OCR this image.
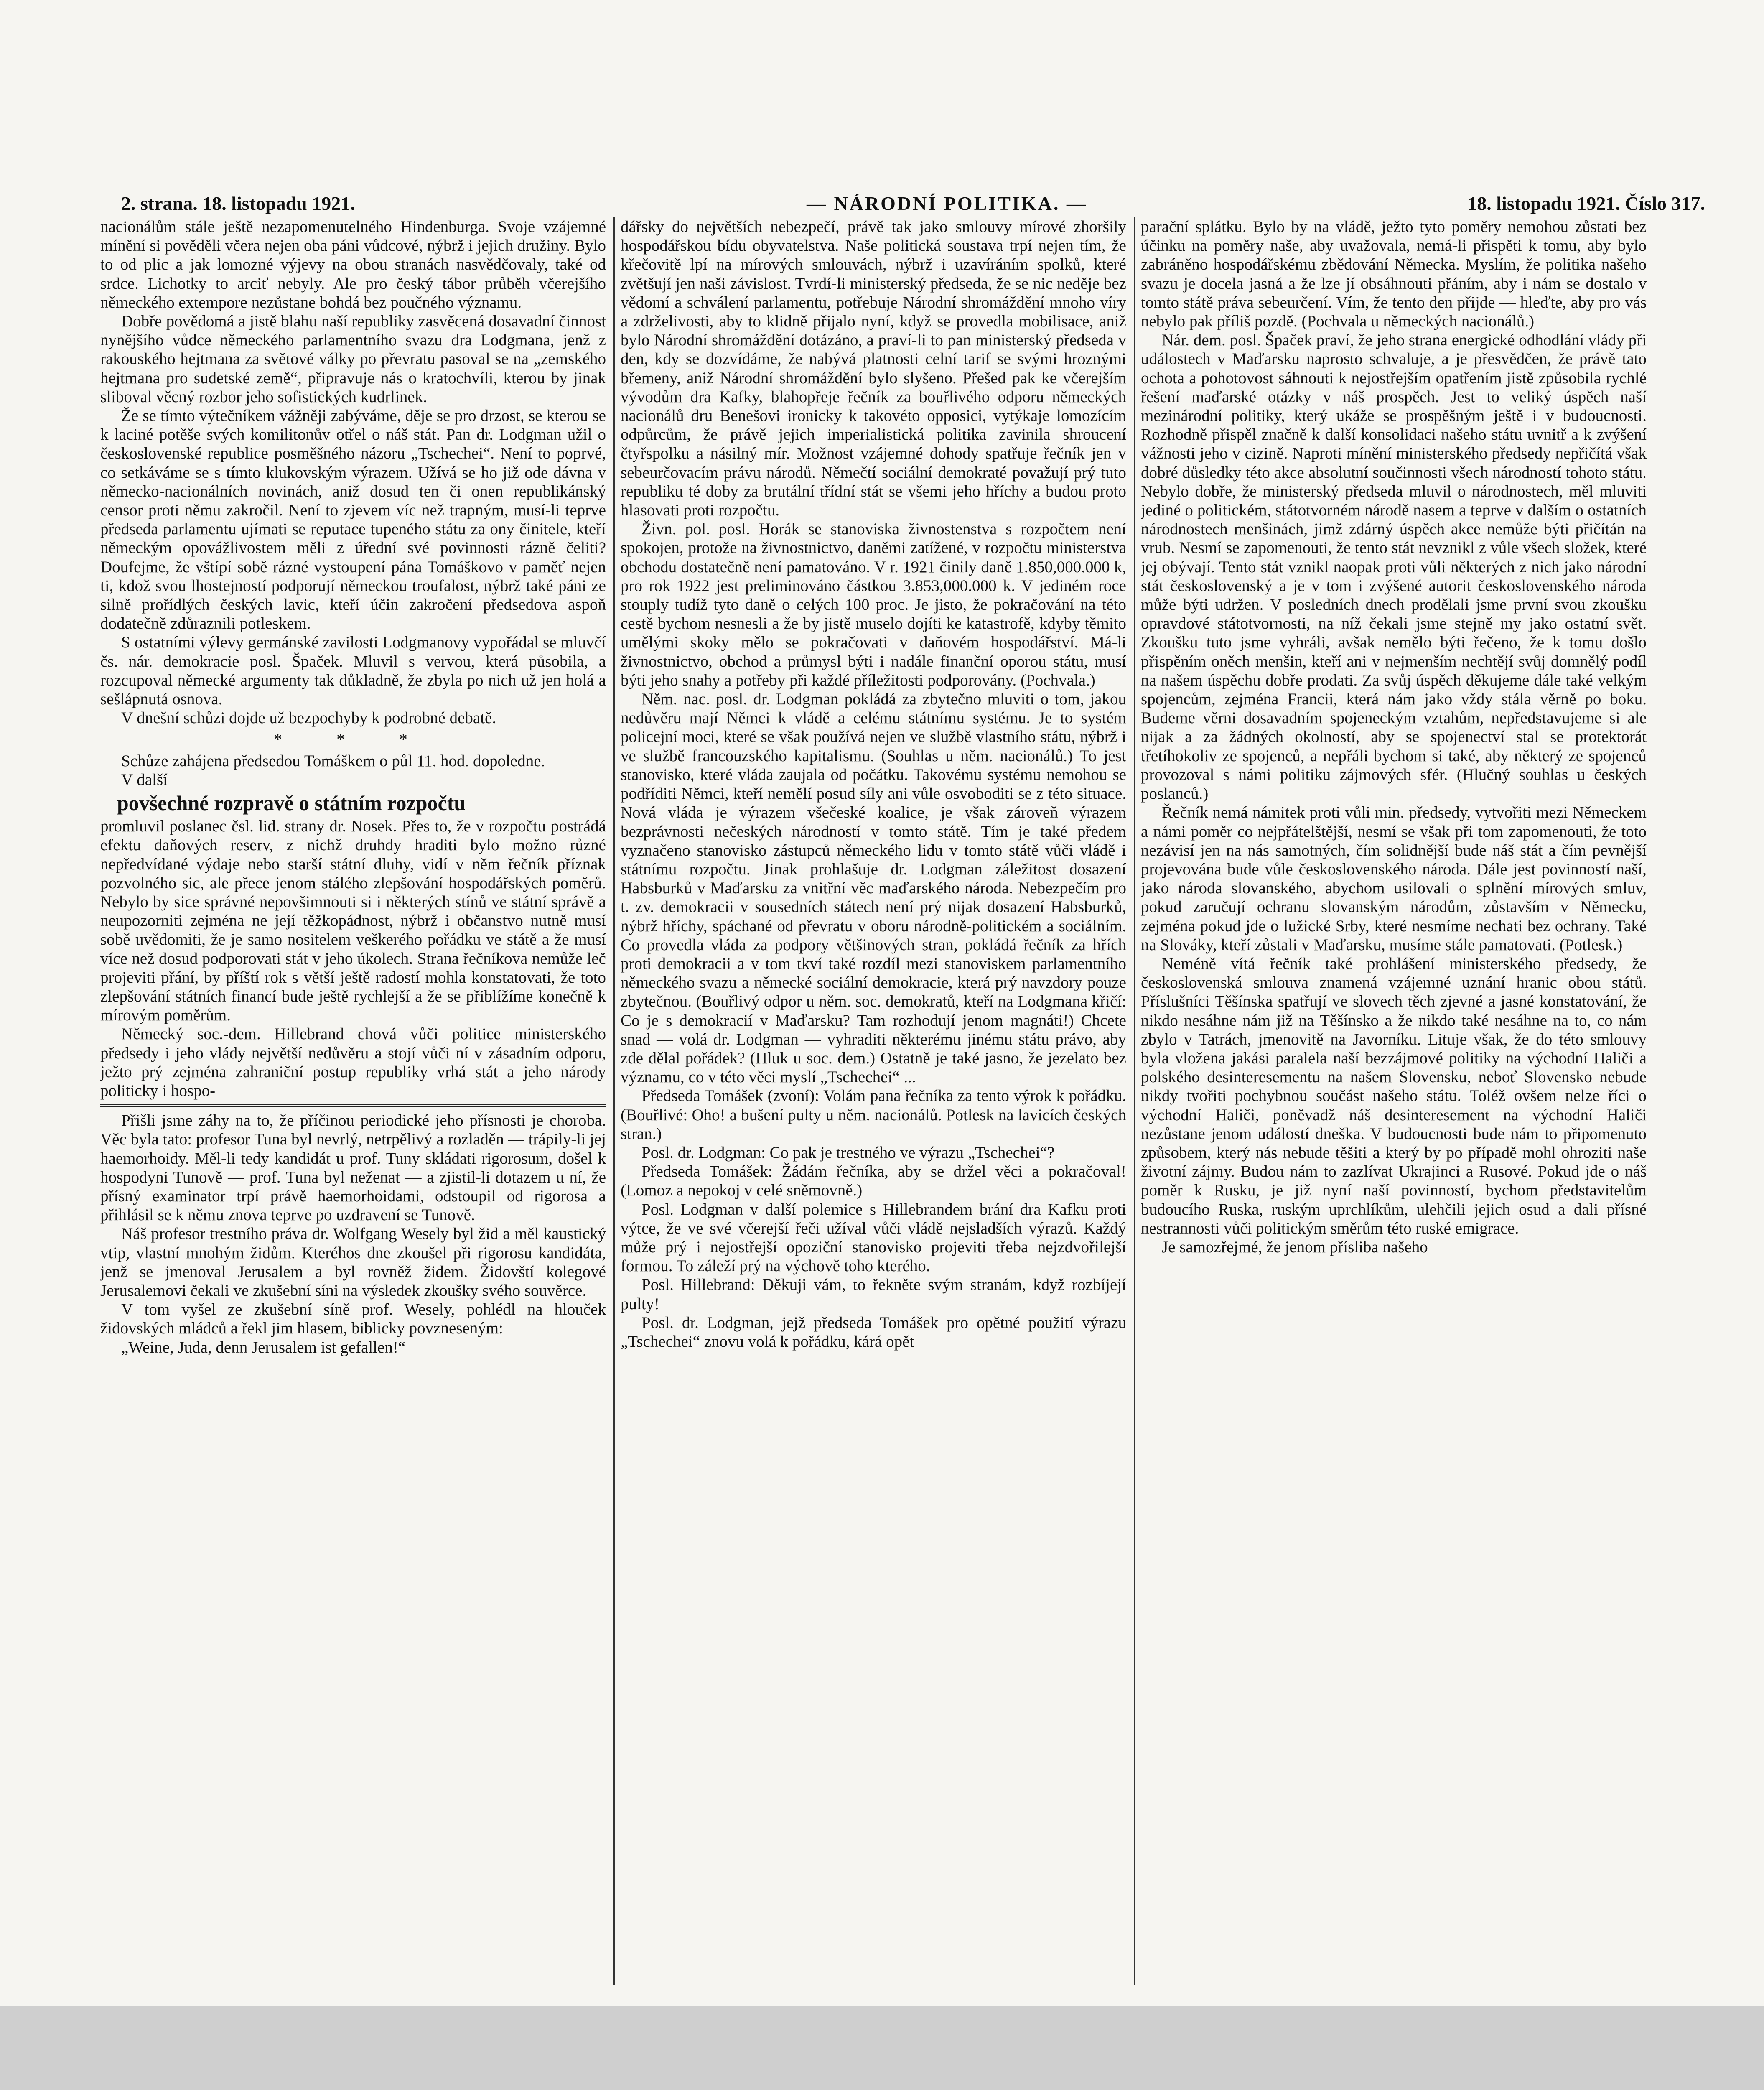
2. strana. 18. listopadu 1921.	— NÁRODNÍ POLITIKA. —	18. listopadu 1921. Číslo 317.

nacionálům stále ještě nezapomenutelného Hindenburga. Svoje vzájemné mínění si pověděli včera nejen oba páni vůdcové, nýbrž i jejich družiny. Bylo to od plic a jak lomozné výjevy na obou stranách nasvědčovaly, také od srdce. Lichotky to arciť nebyly. Ale pro český tábor průběh včerejšího německého extempore nezůstane bohdá bez poučného významu.

Dobře povědomá a jistě blahu naší republiky zasvěcená dosavadní činnost nynějšího vůdce německého parlamentního svazu dra Lodgmana, jenž z rakouského hejtmana za světové války po převratu pasoval se na „zemského hejtmana pro sudetské země“, připravuje nás o kratochvíli, kterou by jinak sliboval věcný rozbor jeho sofistických kudrlinek.

Že se tímto výtečníkem vážněji zabýváme, děje se pro drzost, se kterou se k laciné potěše svých komilitonův otřel o náš stát. Pan dr. Lodgman užil o československé republice posměšného názoru „Tschechei“. Není to poprvé, co setkáváme se s tímto klukovským výrazem. Užívá se ho již ode dávna v německo-nacionálních novinách, aniž dosud ten či onen republikánský censor proti němu zakročil. Není to zjevem víc než trapným, musí-li teprve předseda parlamentu ujímati se reputace tupeného státu za ony činitele, kteří německým opovážlivostem měli z úřední své povinnosti rázně čeliti? Doufejme, že vštípí sobě rázné vystoupení pána Tomáškovo v paměť nejen ti, kdož svou lhostejností podporují německou troufalost, nýbrž také páni ze silně prořídlých českých lavic, kteří účin zakročení předsedova aspoň dodatečně zdůraznili potleskem.

S ostatními výlevy germánské zavilosti Lodgmanovy vypořádal se mluvčí čs. nár. demokracie posl. Špaček. Mluvil s vervou, která působila, a rozcupoval německé argumenty tak důkladně, že zbyla po nich už jen holá a sešlápnutá osnova.

V dnešní schůzi dojde už bezpochyby k podrobné debatě.

* * *

Schůze zahájena předsedou Tomáškem o půl 11. hod. dopoledne.

V další

povšechné rozpravě o státním rozpočtu

promluvil poslanec čsl. lid. strany dr. Nosek. Přes to, že v rozpočtu postrádá efektu daňových reserv, z nichž druhdy hraditi bylo možno různé nepředvídané výdaje nebo starší státní dluhy, vidí v něm řečník příznak pozvolného sic, ale přece jenom stálého zlepšování hospodářských poměrů. Nebylo by sice správné nepovšimnouti si i některých stínů ve státní správě a neupozorniti zejména ne její těžkopádnost, nýbrž i občanstvo nutně musí sobě uvědomiti, že je samo nositelem veškerého pořádku ve státě a že musí více než dosud podporovati stát v jeho úkolech. Strana řečníkova nemůže leč projeviti přání, by příští rok s větší ještě radostí mohla konstatovati, že toto zlepšování státních financí bude ještě rychlejší a že se přiblížíme konečně k mírovým poměrům.

Německý soc.-dem. Hillebrand chová vůči politice ministerského předsedy i jeho vlády největší nedůvěru a stojí vůči ní v zásadním odporu, ježto prý zejména zahraniční postup republiky vrhá stát a jeho národy politicky i hospo-

Přišli jsme záhy na to, že příčinou periodické jeho přísnosti je choroba. Věc byla tato: profesor Tuna byl nevrlý, netrpělivý a rozladěn — trápily-li jej haemorhoidy. Měl-li tedy kandidát u prof. Tuny skládati rigorosum, došel k hospodyni Tunově — prof. Tuna byl neženat — a zjistil-li dotazem u ní, že přísný examinator trpí právě haemorhoidami, odstoupil od rigorosa a přihlásil se k němu znova teprve po uzdravení se Tunově.

Náš profesor trestního práva dr. Wolfgang Wesely byl žid a měl kaustický vtip, vlastní mnohým židům. Kteréhos dne zkoušel při rigorosu kandidáta, jenž se jmenoval Jerusalem a byl rovněž židem. Židovští kolegové Jerusalemovi čekali ve zkušební síni na výsledek zkoušky svého souvěrce.

V tom vyšel ze zkušební síně prof. Wesely, pohlédl na hlouček židovských mládců a řekl jim hlasem, biblicky povzneseným:

„Weine, Juda, denn Jerusalem ist gefallen!“

dářsky do největších nebezpečí, právě tak jako smlouvy mírové zhoršily hospodářskou bídu obyvatelstva. Naše politická soustava trpí nejen tím, že křečovitě lpí na mírových smlouvách, nýbrž i uzavíráním spolků, které zvětšují jen naši závislost. Tvrdí-li ministerský předseda, že se nic neděje bez vědomí a schválení parlamentu, potřebuje Národní shromáždění mnoho víry a zdrželivosti, aby to klidně přijalo nyní, když se provedla mobilisace, aniž bylo Národní shromáždění dotázáno, a praví-li to pan ministerský předseda v den, kdy se dozvídáme, že nabývá platnosti celní tarif se svými hroznými břemeny, aniž Národní shromáždění bylo slyšeno. Přešed pak ke včerejším vývodům dra Kafky, blahopřeje řečník za bouřlivého odporu německých nacionálů dru Benešovi ironicky k takovéto opposici, vytýkaje lomozícím odpůrcům, že právě jejich imperialistická politika zavinila shroucení čtyřspolku a násilný mír. Možnost vzájemné dohody spatřuje řečník jen v sebeurčovacím právu národů. Němečtí sociální demokraté považují prý tuto republiku té doby za brutální třídní stát se všemi jeho hříchy a budou proto hlasovati proti rozpočtu.

Živn. pol. posl. Horák se stanoviska živnostenstva s rozpočtem není spokojen, protože na živnostnictvo, daněmi zatížené, v rozpočtu ministerstva obchodu dostatečně není pamatováno. V r. 1921 činily daně 1.850,000.000 k, pro rok 1922 jest preliminováno částkou 3.853,000.000 k. V jediném roce stouply tudíž tyto daně o celých 100 proc. Je jisto, že pokračování na této cestě bychom nesnesli a že by jistě muselo dojíti ke katastrofě, kdyby těmito umělými skoky mělo se pokračovati v daňovém hospodářství. Má-li živnostnictvo, obchod a průmysl býti i nadále finanční oporou státu, musí býti jeho snahy a potřeby při každé příležitosti podporovány. (Pochvala.)

Něm. nac. posl. dr. Lodgman pokládá za zbytečno mluviti o tom, jakou nedůvěru mají Němci k vládě a celému státnímu systému. Je to systém policejní moci, které se však používá nejen ve službě vlastního státu, nýbrž i ve službě francouzského kapitalismu. (Souhlas u něm. nacionálů.) To jest stanovisko, které vláda zaujala od počátku. Takovému systému nemohou se podříditi Němci, kteří nemělí posud síly ani vůle osvoboditi se z této situace. Nová vláda je výrazem všečeské koalice, je však zároveň výrazem bezprávnosti nečeských národností v tomto státě. Tím je také předem vyznačeno stanovisko zástupců německého lidu v tomto státě vůči vládě i státnímu rozpočtu. Jinak prohlašuje dr. Lodgman záležitost dosazení Habsburků v Maďarsku za vnitřní věc maďarského národa. Nebezpečím pro t. zv. demokracii v sousedních státech není prý nijak dosazení Habsburků, nýbrž hříchy, spáchané od převratu v oboru národně-politickém a sociálním. Co provedla vláda za podpory většinových stran, pokládá řečník za hřích proti demokracii a v tom tkví také rozdíl mezi stanoviskem parlamentního německého svazu a německé sociální demokracie, která prý navzdory pouze zbytečnou. (Bouřlivý odpor u něm. soc. demokratů, kteří na Lodgmana křičí: Co je s demokracií v Maďarsku? Tam rozhodují jenom magnáti!) Chcete snad — volá dr. Lodgman — vyhraditi některému jinému státu právo, aby zde dělal pořádek? (Hluk u soc. dem.) Ostatně je také jasno, že jezelato bez významu, co v této věci myslí „Tschechei“ ...

Předseda Tomášek (zvoní): Volám pana řečníka za tento výrok k pořádku. (Bouřlivé: Oho! a bušení pulty u něm. nacionálů. Potlesk na lavicích českých stran.)

Posl. dr. Lodgman: Co pak je trestného ve výrazu „Tschechei“?

Předseda Tomášek: Žádám řečníka, aby se držel věci a pokračoval! (Lomoz a nepokoj v celé sněmovně.)

Posl. Lodgman v další polemice s Hillebrandem brání dra Kafku proti výtce, že ve své včerejší řeči užíval vůči vládě nejsladších výrazů. Každý může prý i nejostřejší opoziční stanovisko projeviti třeba nejzdvořilejší formou. To záleží prý na výchově toho kterého.

Posl. Hillebrand: Děkuji vám, to řekněte svým stranám, když rozbíjejí pulty!

Posl. dr. Lodgman, jejž předseda Tomášek pro opětné použití výrazu „Tschechei“ znovu volá k pořádku, kárá opět

parační splátku. Bylo by na vládě, ježto tyto poměry nemohou zůstati bez účinku na poměry naše, aby uvažovala, nemá-li přispěti k tomu, aby bylo zabráněno hospodářskému zbědování Německa. Myslím, že politika našeho svazu je docela jasná a že lze jí obsáhnouti přáním, aby i nám se dostalo v tomto státě práva sebeurčení. Vím, že tento den přijde — hleďte, aby pro vás nebylo pak příliš pozdě. (Pochvala u německých nacionálů.)

Nár. dem. posl. Špaček praví, že jeho strana energické odhodlání vlády při událostech v Maďarsku naprosto schvaluje, a je přesvědčen, že právě tato ochota a pohotovost sáhnouti k nejostřejším opatřením jistě způsobila rychlé řešení maďarské otázky v náš prospěch. Jest to veliký úspěch naší mezinárodní politiky, který ukáže se prospěšným ještě i v budoucnosti. Rozhodně přispěl značně k další konsolidaci našeho státu uvnitř a k zvýšení vážnosti jeho v cizině. Naproti mínění ministerského předsedy nepřičítá však dobré důsledky této akce absolutní součinnosti všech národností tohoto státu. Nebylo dobře, že ministerský předseda mluvil o národnostech, měl mluviti jediné o politickém, státotvorném národě nasem a teprve v dalším o ostatních národnostech menšinách, jimž zdárný úspěch akce nemůže býti přičítán na vrub. Nesmí se zapomenouti, že tento stát nevznikl z vůle všech složek, které jej obývají. Tento stát vznikl naopak proti vůli některých z nich jako národní stát československý a je v tom i zvýšené autorit československého národa může býti udržen. V posledních dnech prodělali jsme první svou zkoušku opravdové státotvornosti, na níž čekali jsme stejně my jako ostatní svět. Zkoušku tuto jsme vyhráli, avšak nemělo býti řečeno, že k tomu došlo přispěním oněch menšin, kteří ani v nejmenším nechtějí svůj domnělý podíl na našem úspěchu dobře prodati. Za svůj úspěch děkujeme dále také velkým spojencům, zejména Francii, která nám jako vždy stála věrně po boku. Budeme věrni dosavadním spojeneckým vztahům, nepředstavujeme si ale nijak a za žádných okolností, aby se spojenectví stal se protektorát třetíhokoliv ze spojenců, a nepřáli bychom si také, aby některý ze spojenců provozoval s námi politiku zájmových sfér. (Hlučný souhlas u českých poslanců.)

Řečník nemá námitek proti vůli min. předsedy, vytvořiti mezi Německem a námi poměr co nejpřátelštější, nesmí se však při tom zapomenouti, že toto nezávisí jen na nás samotných, čím solidnější bude náš stát a čím pevnější projevována bude vůle československého národa. Dále jest povinností naší, jako národa slovanského, abychom usilovali o splnění mírových smluv, pokud zaručují ochranu slovanským národům, zůstavším v Německu, zejména pokud jde o lužické Srby, které nesmíme nechati bez ochrany. Také na Slováky, kteří zůstali v Maďarsku, musíme stále pamatovati. (Potlesk.)

Neméně vítá řečník také prohlášení ministerského předsedy, že československá smlouva znamená vzájemné uznání hranic obou států. Příslušníci Těšínska spatřují ve slovech těch zjevné a jasné konstatování, že nikdo nesáhne nám již na Těšínsko a že nikdo také nesáhne na to, co nám zbylo v Tatrách, jmenovitě na Javorníku. Lituje však, že do této smlouvy byla vložena jakási paralela naší bezzájmové politiky na východní Haliči a polského desinteresementu na našem Slovensku, neboť Slovensko nebude nikdy tvořiti pochybnou součást našeho státu. Toléž ovšem nelze říci o východní Haliči, poněvadž náš desinteresement na východní Haliči nezůstane jenom událostí dneška. V budoucnosti bude nám to připomenuto způsobem, který nás nebude těšiti a který by po případě mohl ohroziti naše životní zájmy. Budou nám to zazlívat Ukrajinci a Rusové. Pokud jde o náš poměr k Rusku, je již nyní naší povinností, bychom představitelům budoucího Ruska, ruským uprchlíkům, ulehčili jejich osud a dali přísné nestrannosti vůči politickým směrům této ruské emigrace.

Je samozřejmé, že jenom přísliba našeho
